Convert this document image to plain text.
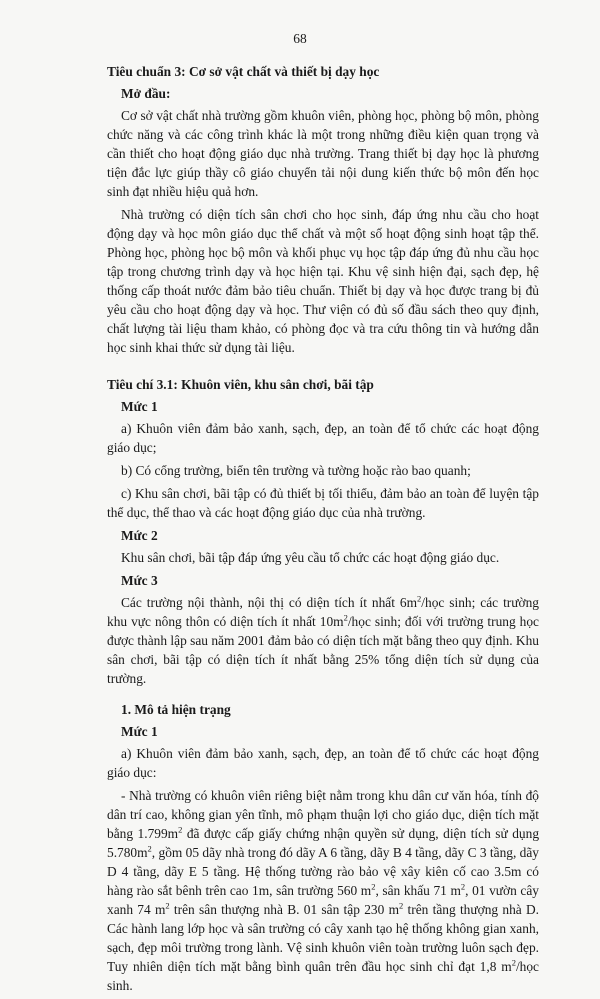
68
Tiêu chuẩn 3: Cơ sở vật chất và thiết bị dạy học
Mở đầu:

Cơ sở vật chất nhà trường gồm khuôn viên, phòng học, phòng bộ môn, phòng chức năng và các công trình khác là một trong những điều kiện quan trọng và cần thiết cho hoạt động giáo dục nhà trường. Trang thiết bị dạy học là phương tiện đắc lực giúp thầy cô giáo chuyển tải nội dung kiến thức bộ môn đến học sinh đạt nhiều hiệu quả hơn.

Nhà trường có diện tích sân chơi cho học sinh, đáp ứng nhu cầu cho hoạt động dạy và học môn giáo dục thể chất và một số hoạt động sinh hoạt tập thể. Phòng học, phòng học bộ môn và khối phục vụ học tập đáp ứng đủ nhu cầu học tập trong chương trình dạy và học hiện tại. Khu vệ sinh hiện đại, sạch đẹp, hệ thống cấp thoát nước đảm bảo tiêu chuẩn. Thiết bị dạy và học được trang bị đủ yêu cầu cho hoạt động dạy và học. Thư viện có đủ số đầu sách theo quy định, chất lượng tài liệu tham khảo, có phòng đọc và tra cứu thông tin và hướng dẫn học sinh khai thức sử dụng tài liệu.

Tiêu chí 3.1: Khuôn viên, khu sân chơi, bãi tập
Mức 1

a) Khuôn viên đảm bảo xanh, sạch, đẹp, an toàn để tổ chức các hoạt động giáo dục;

b) Có cổng trường, biển tên trường và tường hoặc rào bao quanh;

c) Khu sân chơi, bãi tập có đủ thiết bị tối thiểu, đảm bảo an toàn để luyện tập thể dục, thể thao và các hoạt động giáo dục của nhà trường.

Mức 2

Khu sân chơi, bãi tập đáp ứng yêu cầu tổ chức các hoạt động giáo dục.

Mức 3

Các trường nội thành, nội thị có diện tích ít nhất $6m^2$/học sinh; các trường khu vực nông thôn có diện tích ít nhất $10m^2$/học sinh; đối với trường trung học được thành lập sau năm 2001 đảm bảo có diện tích mặt bằng theo quy định. Khu sân chơi, bãi tập có diện tích ít nhất bằng 25% tổng diện tích sử dụng của trường.

1. Mô tả hiện trạng
Mức 1

a) Khuôn viên đảm bảo xanh, sạch, đẹp, an toàn để tổ chức các hoạt động giáo dục:

- Nhà trường có khuôn viên riêng biệt nằm trong khu dân cư văn hóa, tính độ dân trí cao, không gian yên tĩnh, mô phạm thuận lợi cho giáo dục, diện tích mặt bằng $1.799m^2$ đã được cấp giấy chứng nhận quyền sử dụng, diện tích sử dụng $5.780m^2$, gồm 05 dãy nhà trong đó dãy A 6 tầng, dãy B 4 tầng, dãy C 3 tầng, dãy D 4 tầng, dãy E 5 tầng. Hệ thống tường rào bảo vệ xây kiên cố cao 3.5m có hàng rào sắt bênh trên cao 1m, sân trường 560 $m^2$, sân khấu 71 $m^2$, 01 vườn cây xanh 74 $m^2$ trên sân thượng nhà B. 01 sân tập 230 $m^2$ trên tầng thượng nhà D. Các hành lang lớp học và sân trường có cây xanh tạo hệ thống không gian xanh, sạch, đẹp môi trường trong lành. Vệ sinh khuôn viên toàn trường luôn sạch đẹp. Tuy nhiên diện tích mặt bằng bình quân trên đầu học sinh chỉ đạt 1,8 $m^2$/học sinh.
